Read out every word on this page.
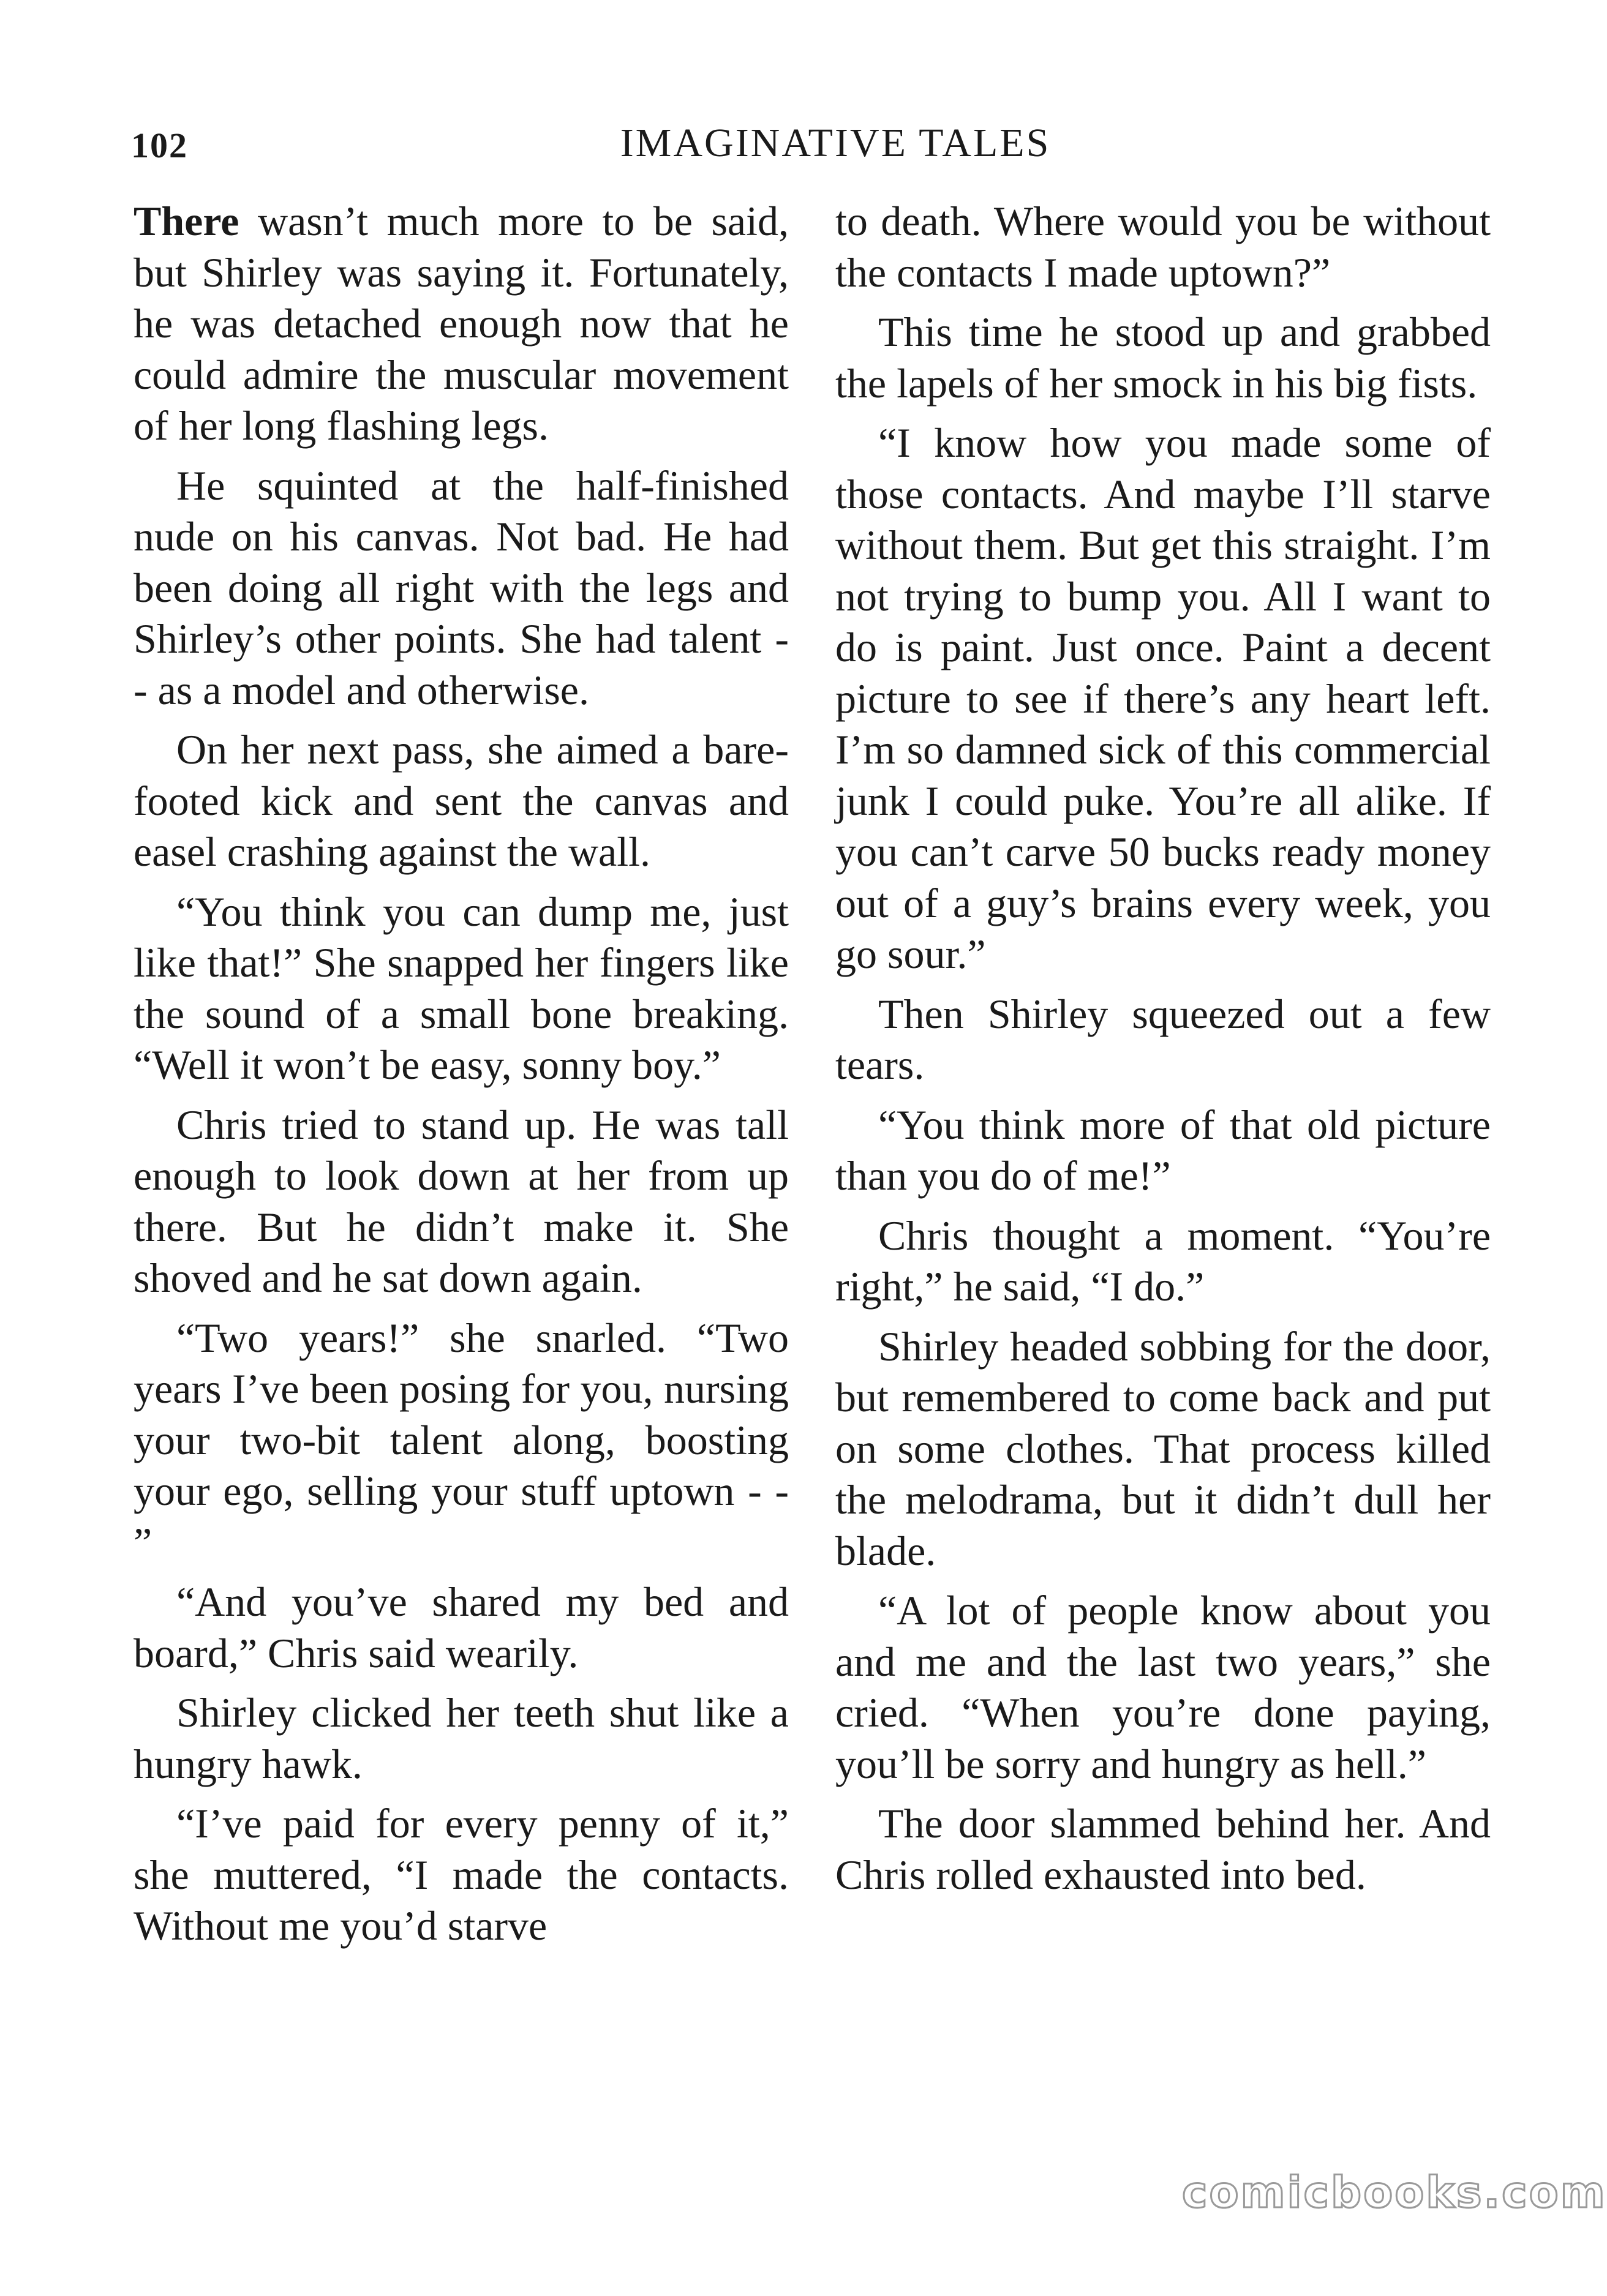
102	IMAGINATIVE TALES

There wasn’t much more to be said, but Shirley was saying it. Fortunately, he was detached enough now that he could admire the muscular movement of her long flashing legs.

He squinted at the half-finished nude on his canvas. Not bad. He had been doing all right with the legs and Shirley’s other points. She had talent - - as a model and otherwise.

On her next pass, she aimed a bare-footed kick and sent the canvas and easel crashing against the wall.

“You think you can dump me, just like that!” She snapped her fingers like the sound of a small bone breaking. “Well it won’t be easy, sonny boy.”

Chris tried to stand up. He was tall enough to look down at her from up there. But he didn’t make it. She shoved and he sat down again.

“Two years!” she snarled. “Two years I’ve been posing for you, nursing your two-bit talent along, boosting your ego, selling your stuff uptown - - ”

“And you’ve shared my bed and board,” Chris said wearily.

Shirley clicked her teeth shut like a hungry hawk.

“I’ve paid for every penny of it,” she muttered, “I made the contacts. Without me you’d starve

to death. Where would you be without the contacts I made uptown?”

This time he stood up and grabbed the lapels of her smock in his big fists.

“I know how you made some of those contacts. And maybe I’ll starve without them. But get this straight. I’m not trying to bump you. All I want to do is paint. Just once. Paint a decent picture to see if there’s any heart left. I’m so damned sick of this commercial junk I could puke. You’re all alike. If you can’t carve 50 bucks ready money out of a guy’s brains every week, you go sour.”

Then Shirley squeezed out a few tears.

“You think more of that old picture than you do of me!”

Chris thought a moment. “You’re right,” he said, “I do.”

Shirley headed sobbing for the door, but remembered to come back and put on some clothes. That process killed the melodrama, but it didn’t dull her blade.

“A lot of people know about you and me and the last two years,” she cried. “When you’re done paying, you’ll be sorry and hungry as hell.”

The door slammed behind her. And Chris rolled exhausted into bed.

comicbooks.com
